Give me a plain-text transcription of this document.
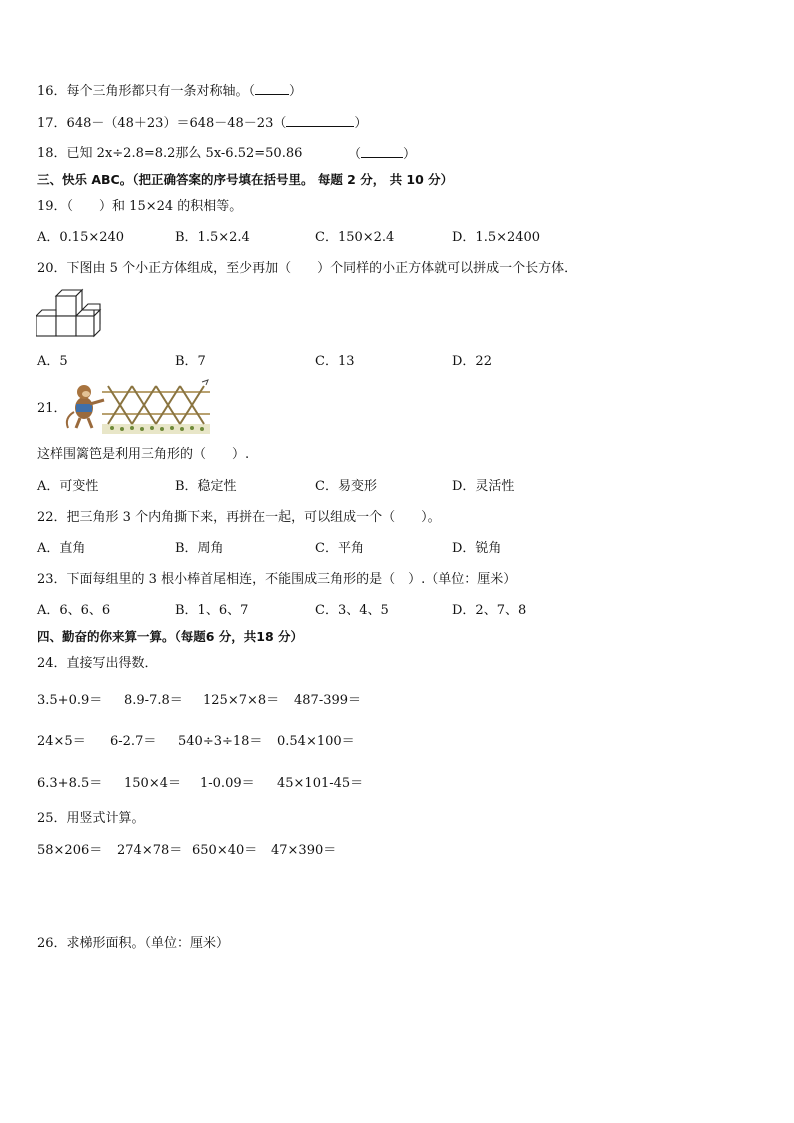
16．每个三角形都只有一条对称轴。（	）
17．648－（48＋23）＝648－48－23（	）
18．已知 2x÷2.8=8.2那么 5x-6.52=50.86	（	）
三、快乐 ABC。（把正确答案的序号填在括号里。 每题 2 分， 共 10 分）
19．（　　）和 15×24 的积相等。
A．0.15×240	B．1.5×2.4	C．150×2.4	D．1.5×2400
20．下图由 5 个小正方体组成，至少再加（　　）个同样的小正方体就可以拼成一个长方体．
A．5	B．7	C．13	D．22
21．
这样围篱笆是利用三角形的（　　）.
A．可变性	B．稳定性	C．易变形	D．灵活性
22．把三角形 3 个内角撕下来，再拼在一起，可以组成一个（　　）。
A．直角	B．周角	C．平角	D．锐角
23．下面每组里的 3 根小棒首尾相连，不能围成三角形的是（　）.（单位：厘米）
A．6、6、6	B．1、6、7	C．3、4、5	D．2、7、8
四、勤奋的你来算一算。（每题6 分，共18 分）
24．直接写出得数．
3.5+0.9＝ 8.9-7.8＝ 125×7×8＝ 487-399＝
24×5＝ 6-2.7＝ 540÷3÷18＝ 0.54×100＝
6.3+8.5＝ 150×4＝ 1-0.09＝ 45×101-45＝
25．用竖式计算。
58×206＝ 274×78＝ 650×40＝ 47×390＝
26．求梯形面积。（单位：厘米）
